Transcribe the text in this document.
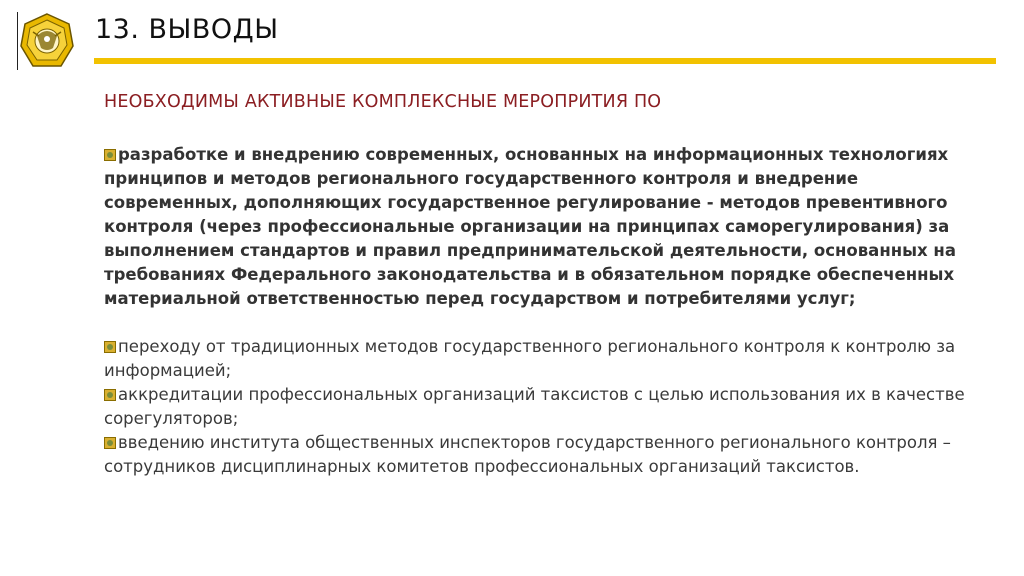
13. ВЫВОДЫ
НЕОБХОДИМЫ АКТИВНЫЕ КОМПЛЕКСНЫЕ МЕРОПРИТИЯ ПО

разработке и внедрению современных, основанных на информационных технологиях принципов и методов регионального государственного контроля и внедрение современных, дополняющих государственное регулирование - методов превентивного контроля (через профессиональные организации на принципах саморегулирования) за выполнением стандартов и правил предпринимательской деятельности, основанных на требованиях Федерального законодательства и в обязательном порядке обеспеченных материальной ответственностью перед государством и потребителями услуг;

переходу от традиционных методов государственного регионального контроля к контролю за информацией;

аккредитации профессиональных организаций таксистов с целью использования их в качестве сорегуляторов;

введению института общественных инспекторов государственного регионального контроля – сотрудников дисциплинарных комитетов профессиональных организаций таксистов.
